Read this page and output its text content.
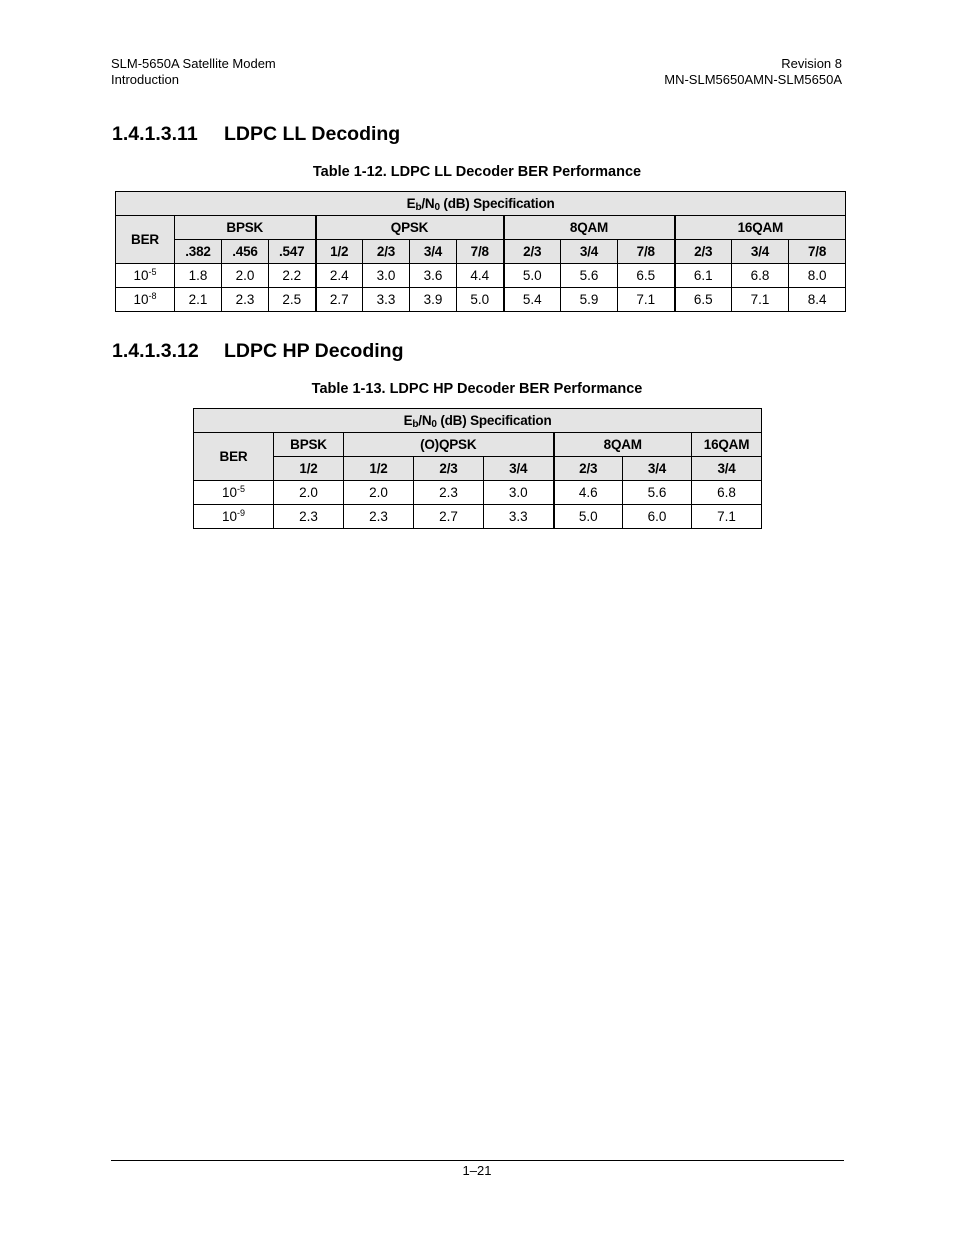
SLM-5650A Satellite Modem
Introduction
Revision 8
MN-SLM5650AMN-SLM5650A
1.4.1.3.11 LDPC LL Decoding

Table 1-12. LDPC LL Decoder BER Performance

$E_b/N_0$ (dB) Specification													
BER	BPSK			QPSK				8QAM			16QAM		
	.382	.456	.547	1/2	2/3	3/4	7/8	2/3	3/4	7/8	2/3	3/4	7/8
$10^{-5}$	1.8	2.0	2.2	2.4	3.0	3.6	4.4	5.0	5.6	6.5	6.1	6.8	8.0
$10^{-8}$	2.1	2.3	2.5	2.7	3.3	3.9	5.0	5.4	5.9	7.1	6.5	7.1	8.4
1.4.1.3.12 LDPC HP Decoding

Table 1-13. LDPC HP Decoder BER Performance

$E_b/N_0$ (dB) Specification							
BER	BPSK	(O)QPSK			8QAM		16QAM
	1/2	1/2	2/3	3/4	2/3	3/4	3/4
$10^{-5}$	2.0	2.0	2.3	3.0	4.6	5.6	6.8
$10^{-9}$	2.3	2.3	2.7	3.3	5.0	6.0	7.1
1–21
